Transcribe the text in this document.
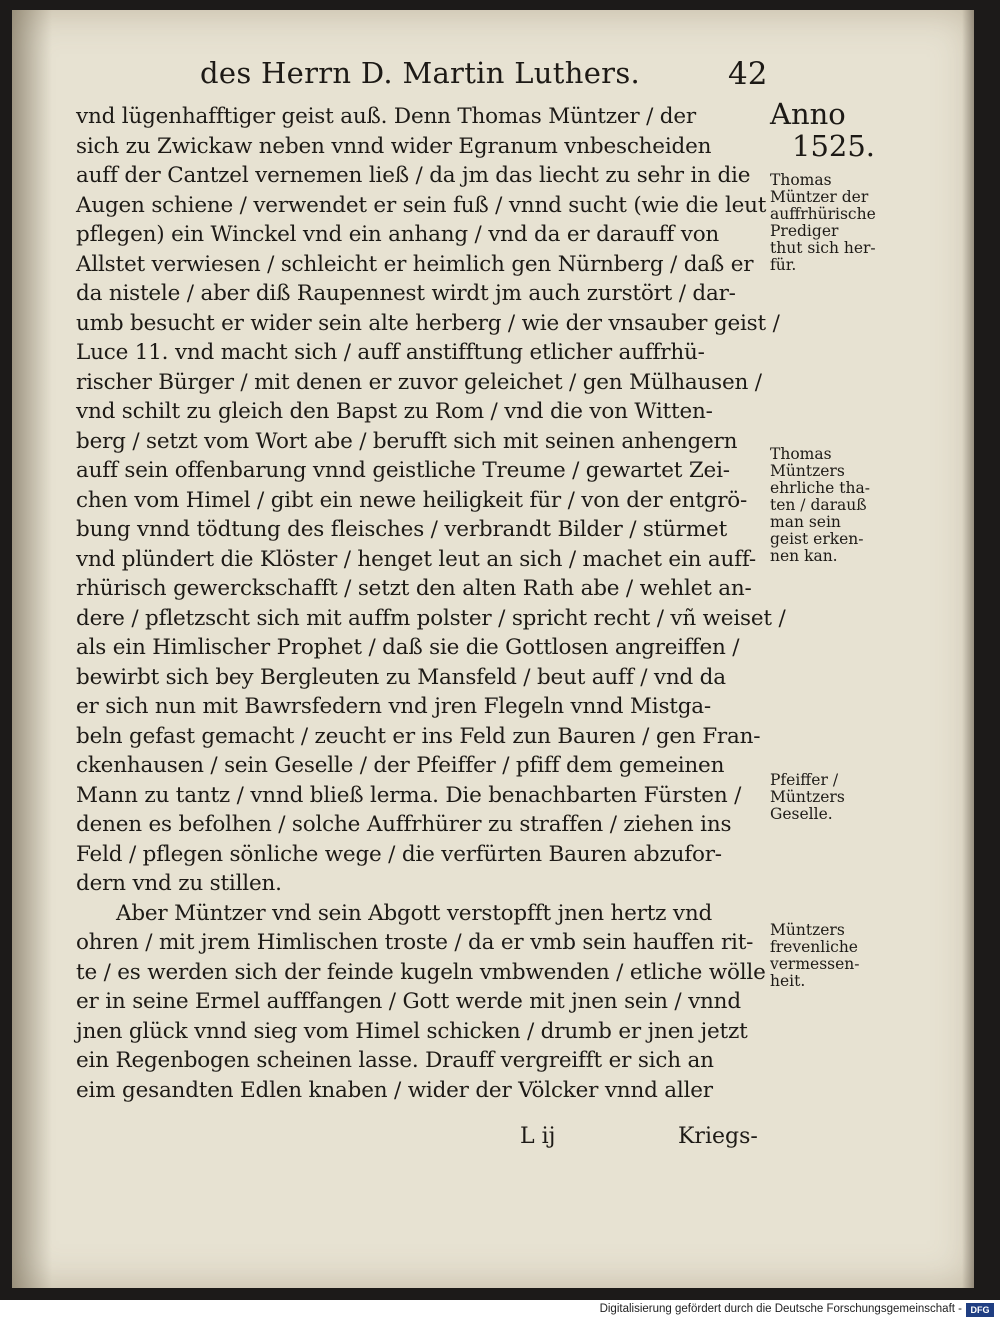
des Herrn D. Martin Luthers.	42
vnd lügenhafftiger geist auß. Denn Thomas Müntzer / der
sich zu Zwickaw neben vnnd wider Egranum vnbescheiden
auff der Cantzel vernemen ließ / da jm das liecht zu sehr in die
Augen schiene / verwendet er sein fuß / vnnd sucht (wie die leut
pflegen) ein Winckel vnd ein anhang / vnd da er darauff von
Allstet verwiesen / schleicht er heimlich gen Nürnberg / daß er
da nistele / aber diß Raupennest wirdt jm auch zurstört / dar-
umb besucht er wider sein alte herberg / wie der vnsauber geist /
Luce 11. vnd macht sich / auff anstifftung etlicher auffrhü-
rischer Bürger / mit denen er zuvor geleichet / gen Mülhausen /
vnd schilt zu gleich den Bapst zu Rom / vnd die von Witten-
berg / setzt vom Wort abe / berufft sich mit seinen anhengern
auff sein offenbarung vnnd geistliche Treume / gewartet Zei-
chen vom Himel / gibt ein newe heiligkeit für / von der entgrö-
bung vnnd tödtung des fleisches / verbrandt Bilder / stürmet
vnd plündert die Klöster / henget leut an sich / machet ein auff-
rhürisch gewerckschafft / setzt den alten Rath abe / wehlet an-
dere / pfletzscht sich mit auffm polster / spricht recht / vñ weiset /
als ein Himlischer Prophet / daß sie die Gottlosen angreiffen /
bewirbt sich bey Bergleuten zu Mansfeld / beut auff / vnd da
er sich nun mit Bawrsfedern vnd jren Flegeln vnnd Mistga-
beln gefast gemacht / zeucht er ins Feld zun Bauren / gen Fran-
ckenhausen / sein Geselle / der Pfeiffer / pfiff dem gemeinen
Mann zu tantz / vnnd bließ lerma. Die benachbarten Fürsten /
denen es befolhen / solche Auffrhürer zu straffen / ziehen ins
Feld / pflegen sönliche wege / die verfürten Bauren abzufor-
dern vnd zu stillen.
Aber Müntzer vnd sein Abgott verstopfft jnen hertz vnd
ohren / mit jrem Himlischen troste / da er vmb sein hauffen rit-
te / es werden sich der feinde kugeln vmbwenden / etliche wölle
er in seine Ermel aufffangen / Gott werde mit jnen sein / vnnd
jnen glück vnnd sieg vom Himel schicken / drumb er jnen jetzt
ein Regenbogen scheinen lasse. Drauff vergreifft er sich an
eim gesandten Edlen knaben / wider der Völcker vnnd aller
Anno
1525.
Thomas
Müntzer der
auffrhürische
Prediger
thut sich her-
für.
Thomas
Müntzers
ehrliche tha-
ten / darauß
man sein
geist erken-
nen kan.
Pfeiffer /
Müntzers
Geselle.
Müntzers
frevenliche
vermessen-
heit.
L ij	Kriegs-
Digitalisierung gefördert durch die Deutsche Forschungsgemeinschaft - DFG
